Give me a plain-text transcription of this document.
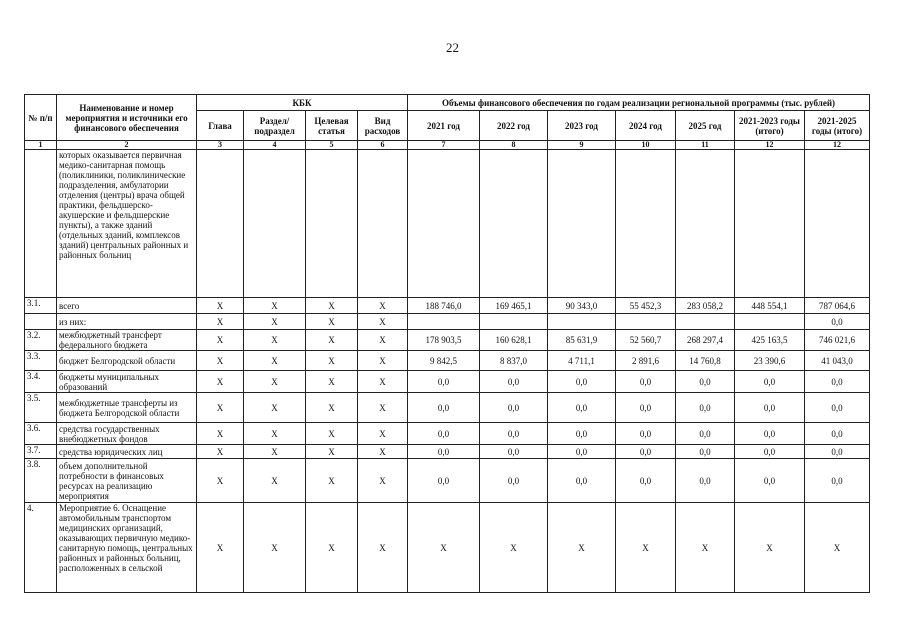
22
№ п/п	Наименование и номер мероприятия и источники его финансового обеспечения	КБК				Объемы финансового обеспечения по годам реализации региональной программы (тыс. рублей)						
		Глава	Раздел/ подраздел	Целевая статья	Вид расходов	2021 год	2022 год	2023 год	2024 год	2025 год	2021-2023 годы (итого)	2021-2025 годы (итого)
1	2	3	4	5	6	7	8	9	10	11	12	12
	которых оказывается первичная медико-санитарная помощь (поликлиники, поликлинические подразделения, амбулатории отделения (центры) врача общей практики, фельдшерско-акушерские и фельдшерские пункты), а также зданий (отдельных зданий, комплексов зданий) центральных районных и районных больниц											
3.1.	всего	Х	Х	Х	Х	188 746,0	169 465,1	90 343,0	55 452,3	283 058,2	448 554,1	787 064,6
	из них:	Х	Х	Х	Х							0,0
3.2.	межбюджетный трансферт федерального бюджета	Х	Х	Х	Х	178 903,5	160 628,1	85 631,9	52 560,7	268 297,4	425 163,5	746 021,6
3.3.	бюджет Белгородской области	Х	Х	Х	Х	9 842,5	8 837,0	4 711,1	2 891,6	14 760,8	23 390,6	41 043,0
3.4.	бюджеты муниципальных образований	Х	Х	Х	Х	0,0	0,0	0,0	0,0	0,0	0,0	0,0
3.5.	межбюджетные трансферты из бюджета Белгородской области	Х	Х	Х	Х	0,0	0,0	0,0	0,0	0,0	0,0	0,0
3.6.	средства государственных внебюджетных фондов	Х	Х	Х	Х	0,0	0,0	0,0	0,0	0,0	0,0	0,0
3.7.	средства юридических лиц	Х	Х	Х	Х	0,0	0,0	0,0	0,0	0,0	0,0	0,0
3.8.	объем дополнительной потребности в финансовых ресурсах на реализацию мероприятия	Х	Х	Х	Х	0,0	0,0	0,0	0,0	0,0	0,0	0,0
4.	Мероприятие 6. Оснащение автомобильным транспортом медицинских организаций, оказывающих первичную медико-санитарную помощь, центральных районных и районных больниц, расположенных в сельской	Х	Х	Х	Х	Х	Х	Х	Х	Х	Х	Х
